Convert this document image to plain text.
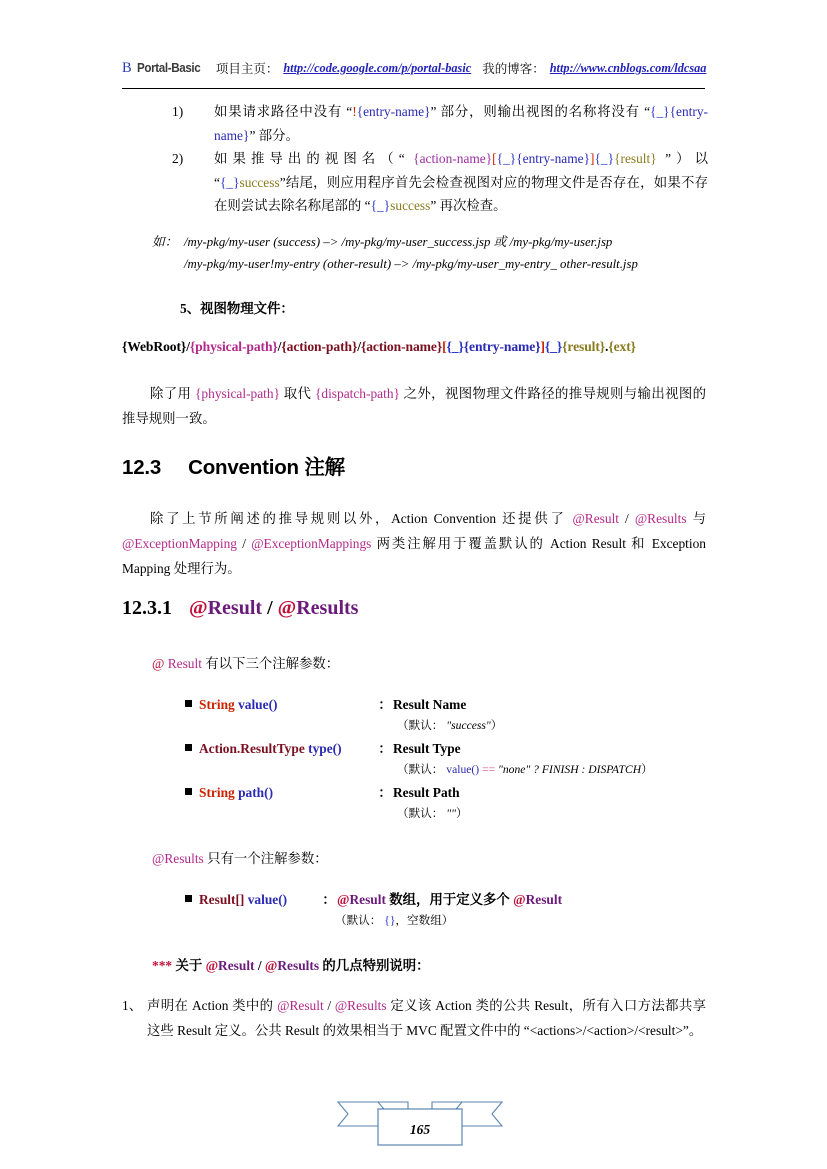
B Portal-Basic 项目主页： http://code.google.com/p/portal-basic 我的博客： http://www.cnblogs.com/ldcsaa
1)	如果请求路径中没有 “!{entry-name}” 部分，则输出视图的名称将没有 “{_}{entry-name}” 部分。
2)	如果推导出的视图名（“ {action-name}[{_}{entry-name}]{_}{result} ”）以 “{_}success”结尾，则应用程序首先会检查视图对应的物理文件是否存在，如果不存在则尝试去除名称尾部的 “{_}success” 再次检查。
如： /my-pkg/my-user (success) –> /my-pkg/my-user_success.jsp 或 /my-pkg/my-user.jsp
/my-pkg/my-user!my-entry (other-result) –> /my-pkg/my-user_my-entry_ other-result.jsp
5、视图物理文件：
{WebRoot}/{physical-path}/{action-path}/{action-name}[{_}{entry-name}]{_}{result}.{ext}
除了用 {physical-path} 取代 {dispatch-path} 之外，视图物理文件路径的推导规则与输出视图的推导规则一致。
12.3 Convention 注解
除了上节所阐述的推导规则以外，Action Convention 还提供了 @Result / @Results 与 @ExceptionMapping / @ExceptionMappings 两类注解用于覆盖默认的 Action Result 和 Exception Mapping 处理行为。
12.3.1 @Result / @Results
@ Result 有以下三个注解参数：
String value()	： Result Name
（默认： "success"）
Action.ResultType type()	： Result Type
（默认： value() == "none" ? FINISH : DISPATCH）
String path()	： Result Path
（默认： ""）
@Results 只有一个注解参数：
Result[] value()	： @Result 数组，用于定义多个 @Result
（默认： {}，空数组）
*** 关于 @Result / @Results 的几点特别说明：
1、 声明在 Action 类中的 @Result / @Results 定义该 Action 类的公共 Result，所有入口方法都共享这些 Result 定义。公共 Result 的效果相当于 MVC 配置文件中的 “<actions>/<action>/<result>”。
165
